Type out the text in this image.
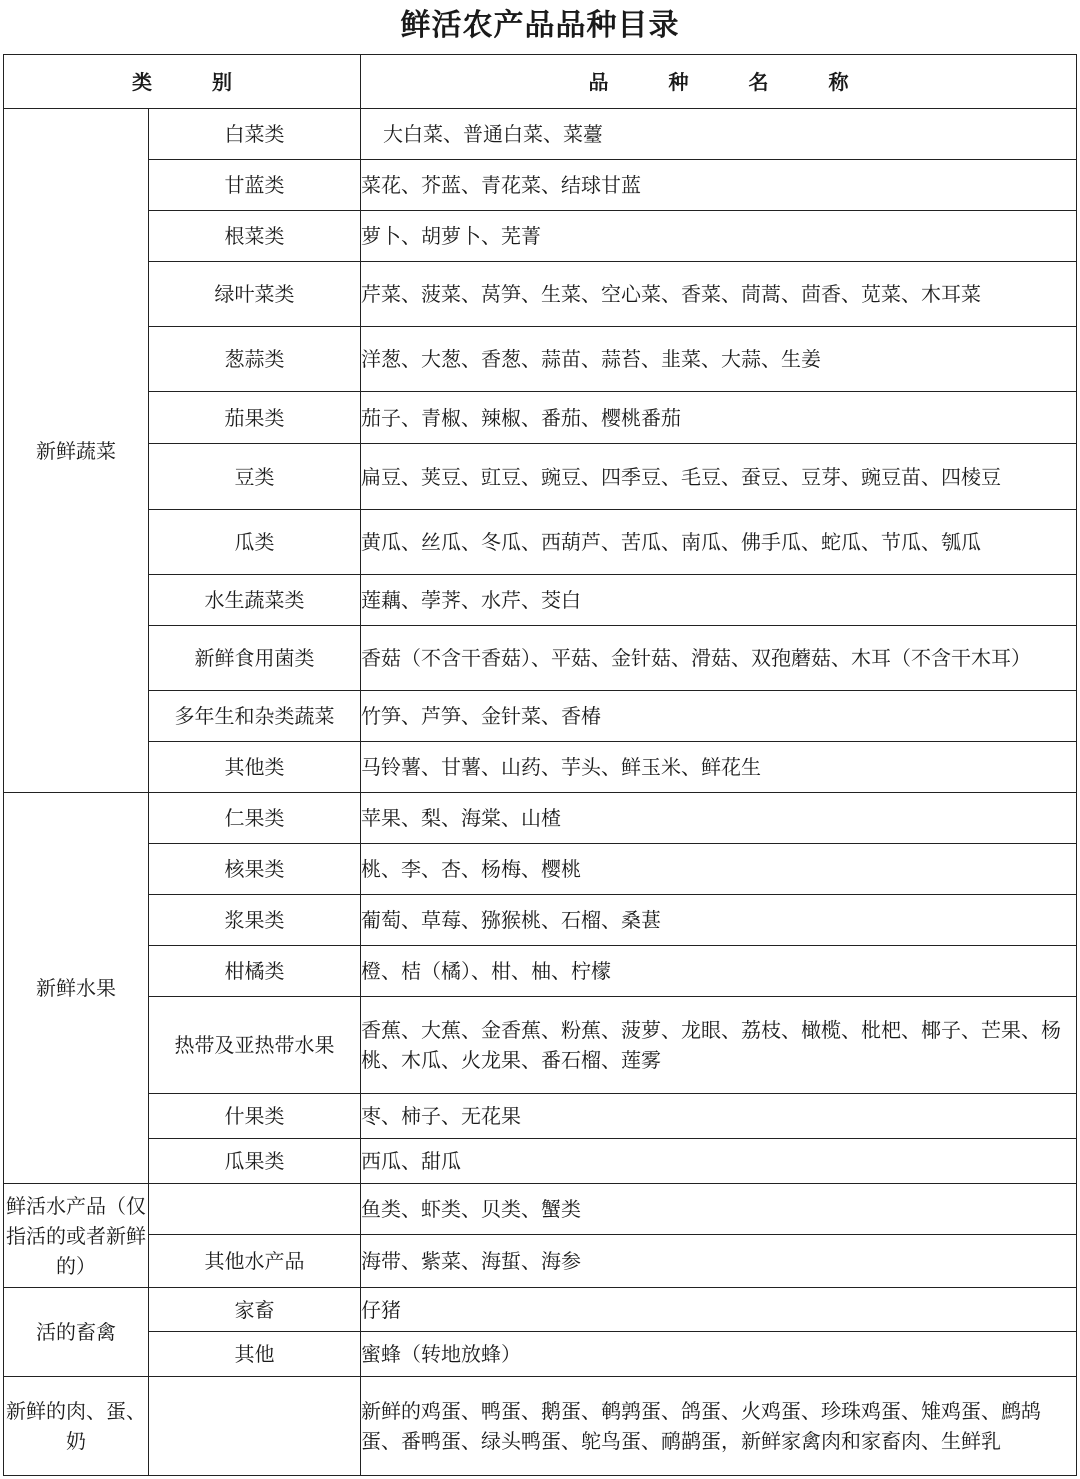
鲜活农产品品种目录
类　　　别		品　　　种　　　名　　　称
新鲜蔬菜	白菜类	大白菜、普通白菜、菜薹
	甘蓝类	菜花、芥蓝、青花菜、结球甘蓝
	根菜类	萝卜、胡萝卜、芜菁
	绿叶菜类	芹菜、菠菜、莴笋、生菜、空心菜、香菜、茼蒿、茴香、苋菜、木耳菜
	葱蒜类	洋葱、大葱、香葱、蒜苗、蒜苔、韭菜、大蒜、生姜
	茄果类	茄子、青椒、辣椒、番茄、樱桃番茄
	豆类	扁豆、荚豆、豇豆、豌豆、四季豆、毛豆、蚕豆、豆芽、豌豆苗、四棱豆
	瓜类	黄瓜、丝瓜、冬瓜、西葫芦、苦瓜、南瓜、佛手瓜、蛇瓜、节瓜、瓠瓜
	水生蔬菜类	莲藕、荸荠、水芹、茭白
	新鲜食用菌类	香菇（不含干香菇）、平菇、金针菇、滑菇、双孢蘑菇、木耳（不含干木耳）
	多年生和杂类蔬菜	竹笋、芦笋、金针菜、香椿
	其他类	马铃薯、甘薯、山药、芋头、鲜玉米、鲜花生
新鲜水果	仁果类	苹果、梨、海棠、山楂
	核果类	桃、李、杏、杨梅、樱桃
	浆果类	葡萄、草莓、猕猴桃、石榴、桑葚
	柑橘类	橙、桔（橘）、柑、柚、柠檬
	热带及亚热带水果	香蕉、大蕉、金香蕉、粉蕉、菠萝、龙眼、荔枝、橄榄、枇杷、椰子、芒果、杨桃、木瓜、火龙果、番石榴、莲雾
	什果类	枣、柿子、无花果
	瓜果类	西瓜、甜瓜
鲜活水产品（仅指活的或者新鲜的）		鱼类、虾类、贝类、蟹类
	其他水产品	海带、紫菜、海蜇、海参
活的畜禽	家畜	仔猪
	其他	蜜蜂（转地放蜂）
新鲜的肉、蛋、奶		新鲜的鸡蛋、鸭蛋、鹅蛋、鹌鹑蛋、鸽蛋、火鸡蛋、珍珠鸡蛋、雉鸡蛋、鹧鸪蛋、番鸭蛋、绿头鸭蛋、鸵鸟蛋、鸸鹋蛋，新鲜家禽肉和家畜肉、生鲜乳
